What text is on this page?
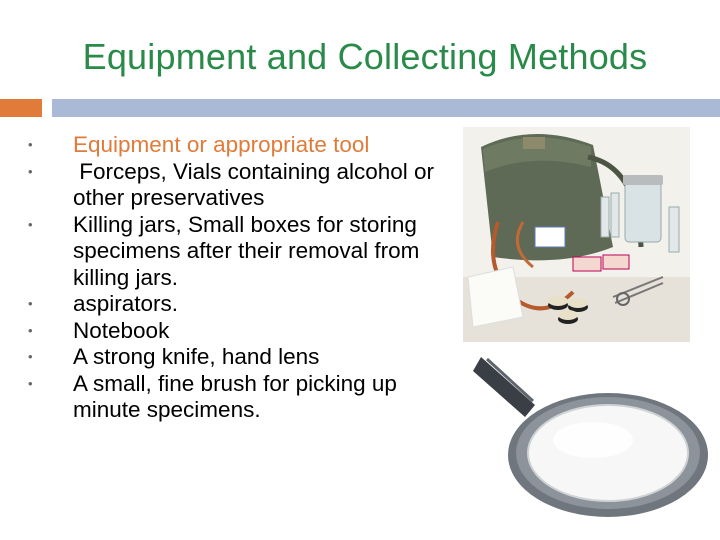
Equipment and Collecting Methods
• Equipment or appropriate tool
• Forceps, Vials containing alcohol or other preservatives
• Killing jars, Small boxes for storing specimens after their removal from killing jars.
• aspirators.
• Notebook
• A strong knife, hand lens
• A small, fine brush for picking up minute specimens.
